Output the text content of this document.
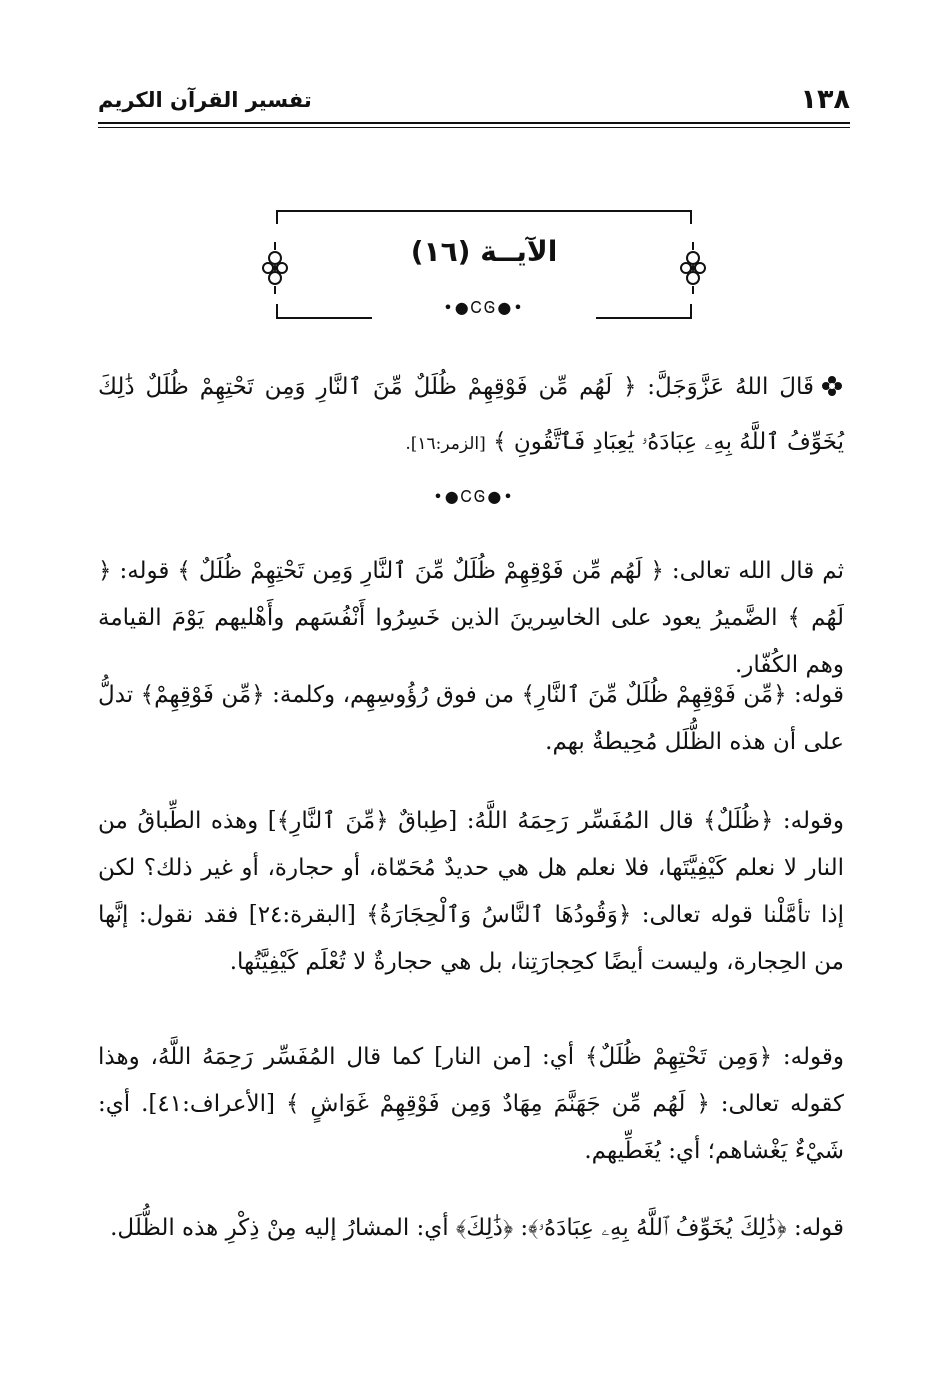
١٣٨
تفسير القرآن الكريم
الآيــة (١٦)
•●ᏟᎶ●•
قَالَ اللهُ عَزَّوَجَلَّ: ﴿ لَهُم مِّن فَوْقِهِمْ ظُلَلٌ مِّنَ ٱلنَّارِ وَمِن تَحْتِهِمْ ظُلَلٌ ذَٰلِكَ يُخَوِّفُ ٱللَّهُ بِهِۦ عِبَادَهُۥ يَٰعِبَادِ فَٱتَّقُونِ ﴾ [الزمر:١٦].
•●ᏟᎶ●•

ثم قال الله تعالى: ﴿ لَهُم مِّن فَوْقِهِمْ ظُلَلٌ مِّنَ ٱلنَّارِ وَمِن تَحْتِهِمْ ظُلَلٌ ﴾ قوله: ﴿ لَهُم ﴾ الضَّميرُ يعود على الخاسِرينَ الذين خَسِرُوا أَنْفُسَهم وأَهْليهم يَوْمَ القيامة وهم الكُفّار.

قوله: ﴿مِّن فَوْقِهِمْ ظُلَلٌ مِّنَ ٱلنَّارِ﴾ من فوق رُؤُوسِهِم، وكلمة: ﴿مِّن فَوْقِهِمْ﴾ تدلُّ على أن هذه الظُّلَل مُحِيطةٌ بهم.

وقوله: ﴿ظُلَلٌ﴾ قال المُفَسِّر رَحِمَهُ اللَّهُ: [طِباقٌ ﴿مِّنَ ٱلنَّارِ﴾] وهذه الطِّباقُ من النار لا نعلم كَيْفِيَّتَها، فلا نعلم هل هي حديدٌ مُحَمّاة، أو حجارة، أو غير ذلك؟ لكن إذا تأمَّلْنا قوله تعالى: ﴿وَقُودُهَا ٱلنَّاسُ وَٱلْحِجَارَةُ﴾ [البقرة:٢٤] فقد نقول: إنَّها من الحِجارة، وليست أيضًا كحِجارَتِنا، بل هي حجارةٌ لا تُعْلَم كَيْفِيَّتُها.

وقوله: ﴿وَمِن تَحْتِهِمْ ظُلَلٌ﴾ أي: [من النار] كما قال المُفَسِّر رَحِمَهُ اللَّهُ، وهذا كقوله تعالى: ﴿ لَهُم مِّن جَهَنَّمَ مِهَادٌ وَمِن فَوْقِهِمْ غَوَاشٍ ﴾ [الأعراف:٤١]. أي: شَيْءٌ يَغْشاهم؛ أي: يُغَطِّيهم.

قوله: ﴿ذَٰلِكَ يُخَوِّفُ ٱللَّهُ بِهِۦ عِبَادَهُۥ﴾: ﴿ذَٰلِكَ﴾ أي: المشارُ إليه مِنْ ذِكْرِ هذه الظُّلَل.
